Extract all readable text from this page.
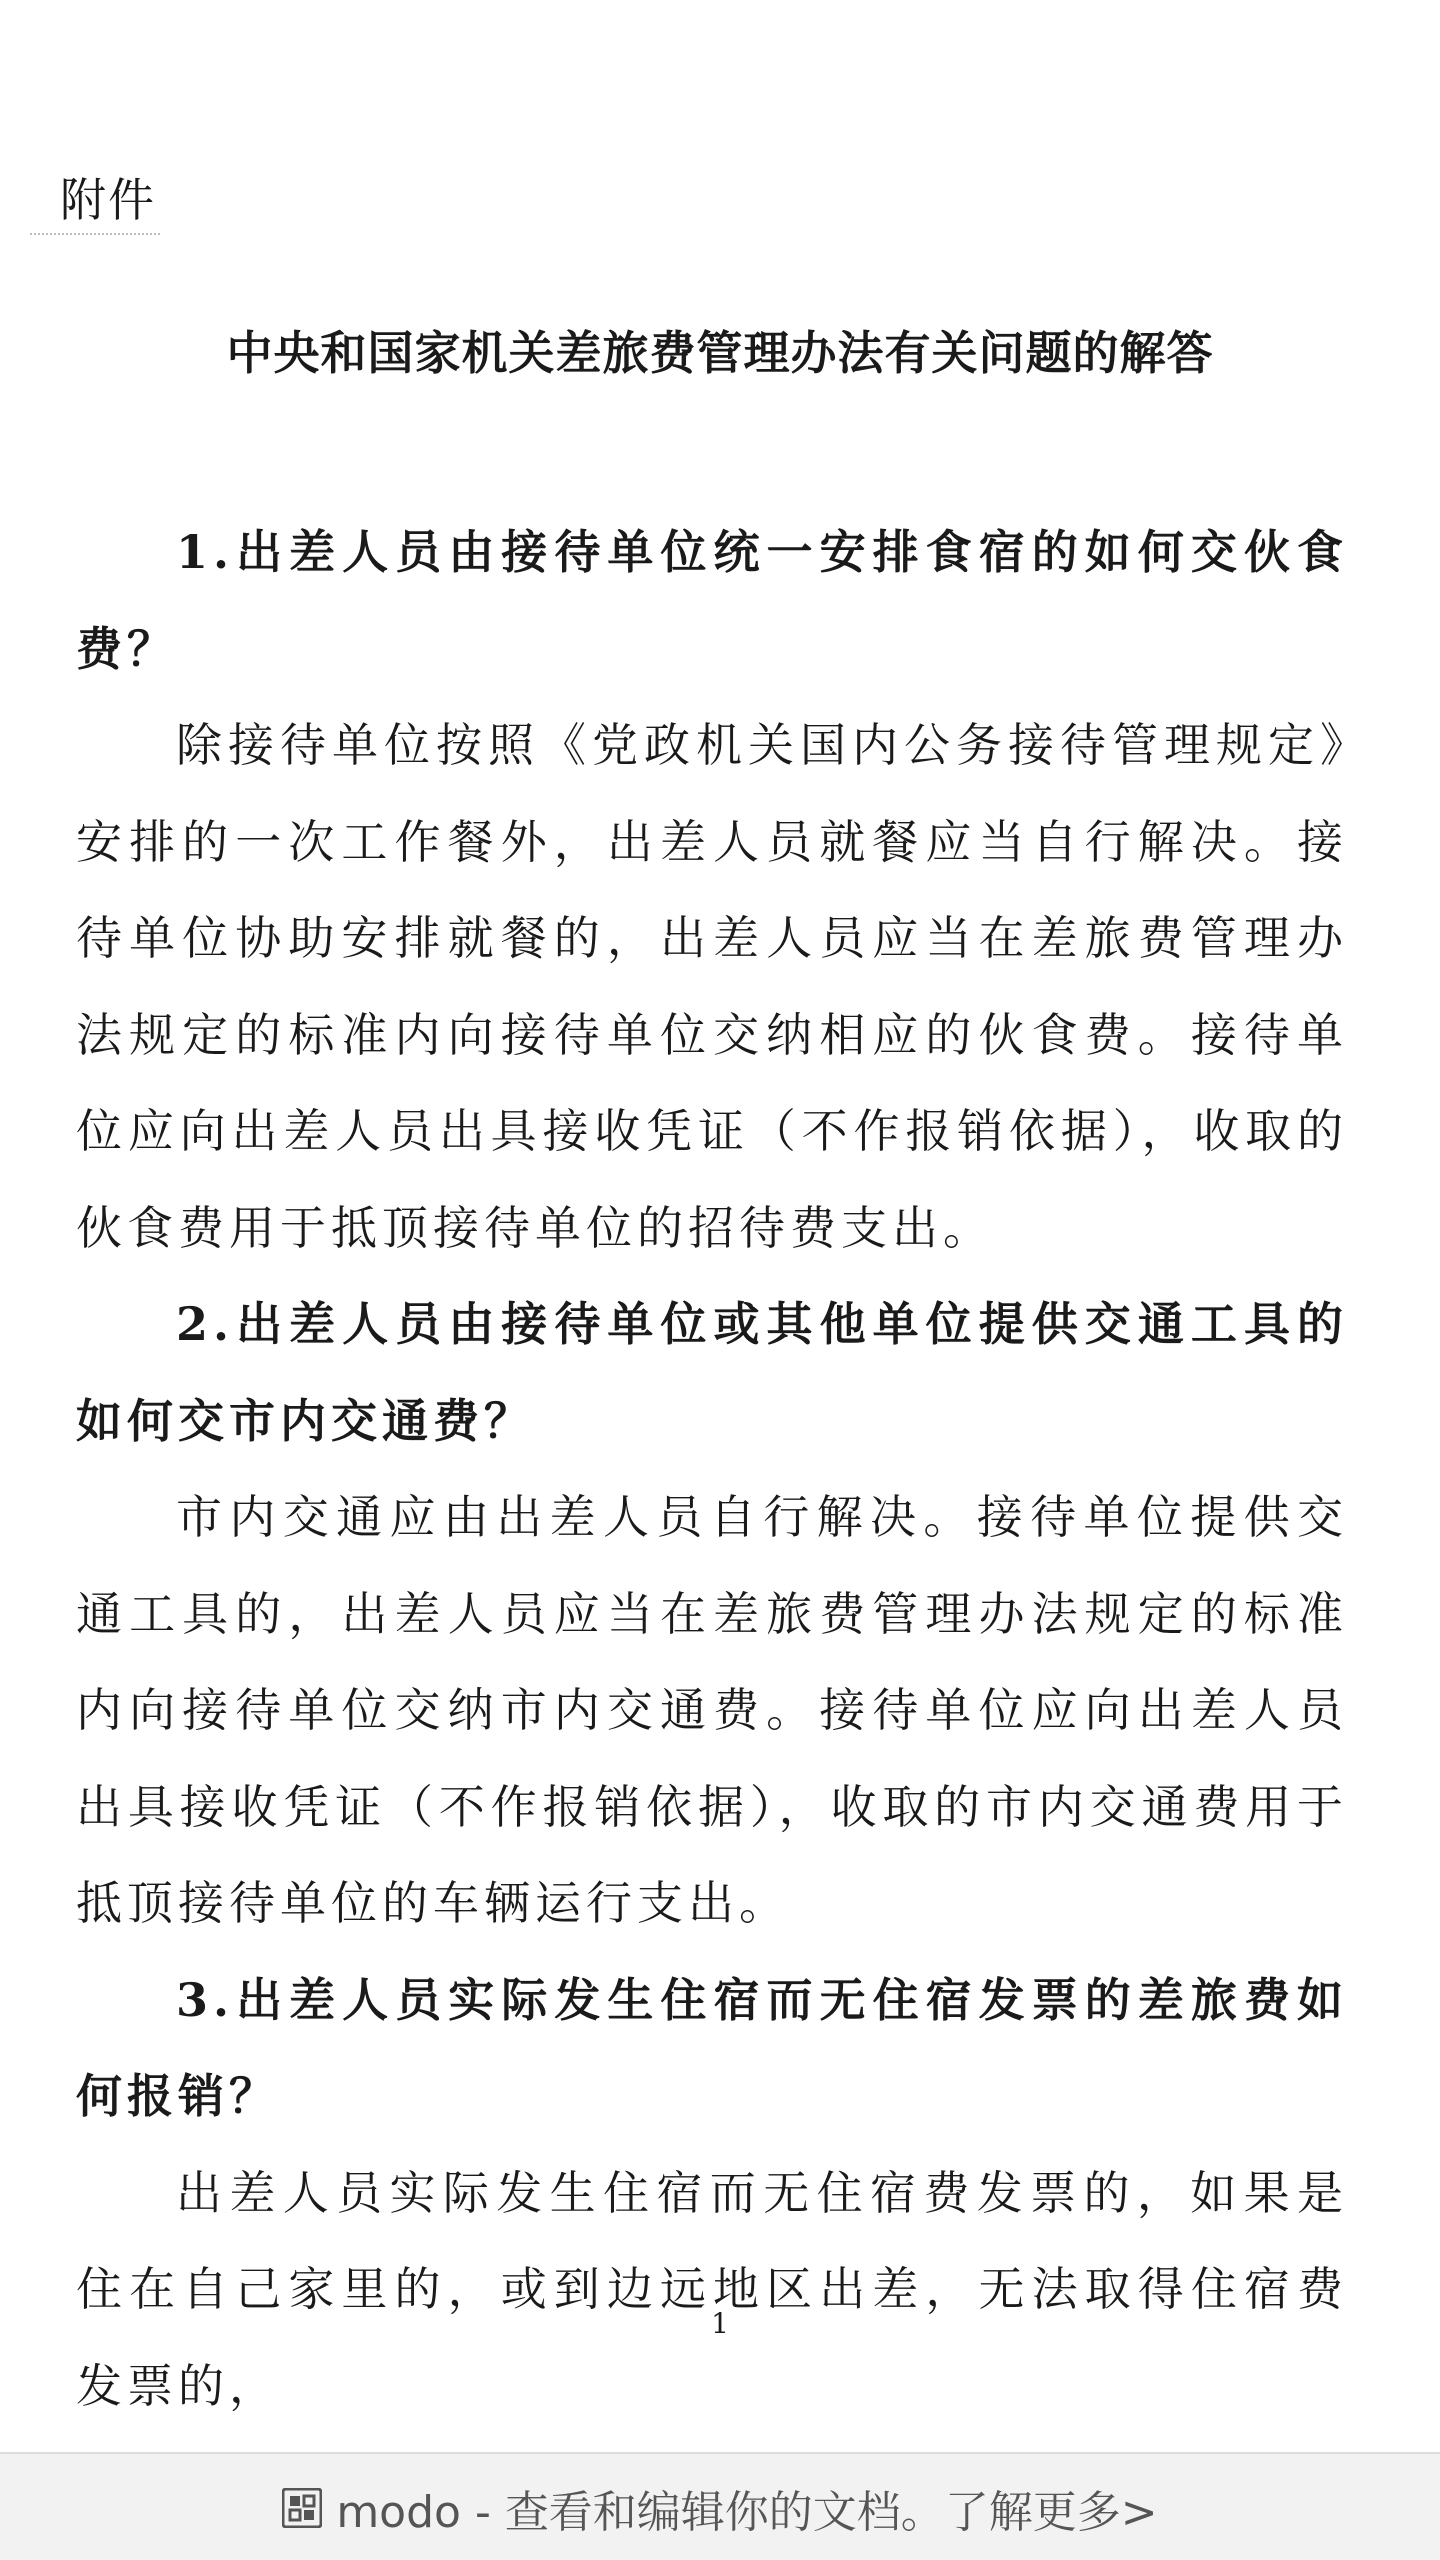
附件
中央和国家机关差旅费管理办法有关问题的解答

1.出差人员由接待单位统一安排食宿的如何交伙食费？

除接待单位按照《党政机关国内公务接待管理规定》安排的一次工作餐外，出差人员就餐应当自行解决。接待单位协助安排就餐的，出差人员应当在差旅费管理办法规定的标准内向接待单位交纳相应的伙食费。接待单位应向出差人员出具接收凭证（不作报销依据），收取的伙食费用于抵顶接待单位的招待费支出。

2.出差人员由接待单位或其他单位提供交通工具的如何交市内交通费？

市内交通应由出差人员自行解决。接待单位提供交通工具的，出差人员应当在差旅费管理办法规定的标准内向接待单位交纳市内交通费。接待单位应向出差人员出具接收凭证（不作报销依据），收取的市内交通费用于抵顶接待单位的车辆运行支出。

3.出差人员实际发生住宿而无住宿发票的差旅费如何报销？

出差人员实际发生住宿而无住宿费发票的，如果是住在自己家里的，或到边远地区出差，无法取得住宿费发票的，

1
modo - 查看和编辑你的文档。了解更多>
